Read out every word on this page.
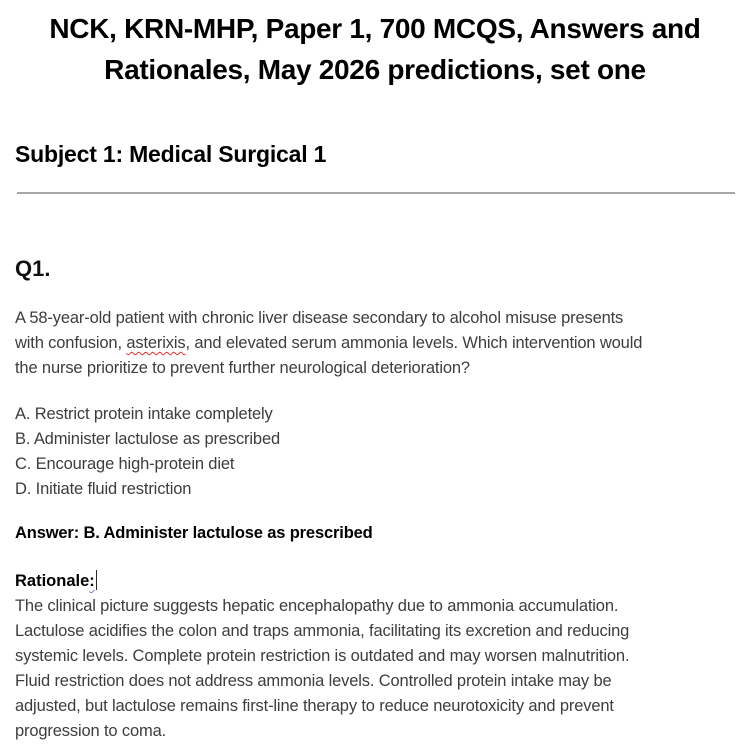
NCK, KRN-MHP, Paper 1, 700 MCQS, Answers and
Rationales, May 2026 predictions, set one
Subject 1: Medical Surgical 1
Q1.
A 58-year-old patient with chronic liver disease secondary to alcohol misuse presents
with confusion, asterixis, and elevated serum ammonia levels. Which intervention would
the nurse prioritize to prevent further neurological deterioration?
A. Restrict protein intake completely
B. Administer lactulose as prescribed
C. Encourage high-protein diet
D. Initiate fluid restriction
Answer: B. Administer lactulose as prescribed
Rationale:
The clinical picture suggests hepatic encephalopathy due to ammonia accumulation.
Lactulose acidifies the colon and traps ammonia, facilitating its excretion and reducing
systemic levels. Complete protein restriction is outdated and may worsen malnutrition.
Fluid restriction does not address ammonia levels. Controlled protein intake may be
adjusted, but lactulose remains first-line therapy to reduce neurotoxicity and prevent
progression to coma.
